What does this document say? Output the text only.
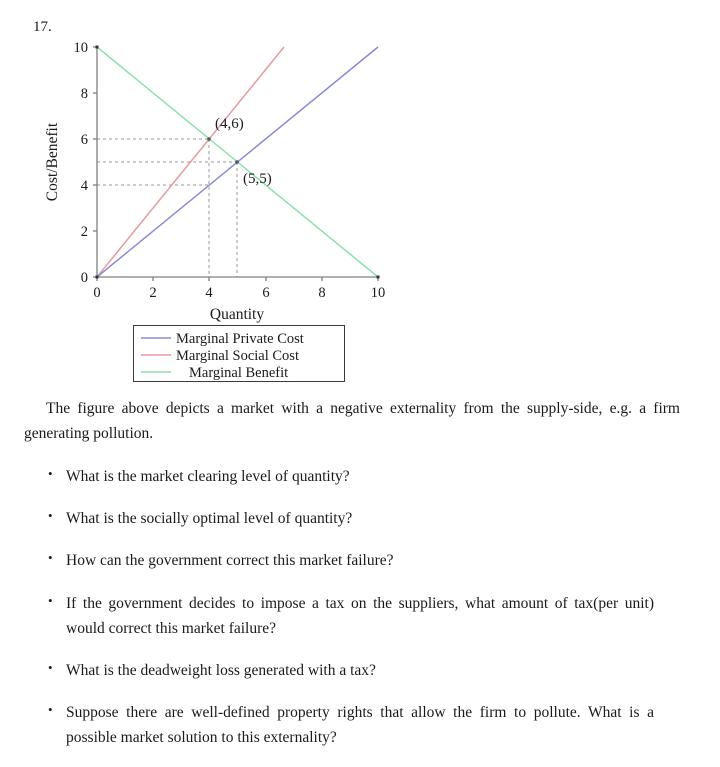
17.
0
2
4
6
8
10
0	2	4	6	8	10
(4,6)
(5,5)
Quantity
Cost/Benefit
Marginal Private Cost
Marginal Social Cost
Marginal Benefit

The figure above depicts a market with a negative externality from the supply-side, e.g. a firm generating pollution.

• What is the market clearing level of quantity?
• What is the socially optimal level of quantity?
• How can the government correct this market failure?
• If the government decides to impose a tax on the suppliers, what amount of tax(per unit) would correct this market failure?
• What is the deadweight loss generated with a tax?
• Suppose there are well-defined property rights that allow the firm to pollute. What is a possible market solution to this externality?
